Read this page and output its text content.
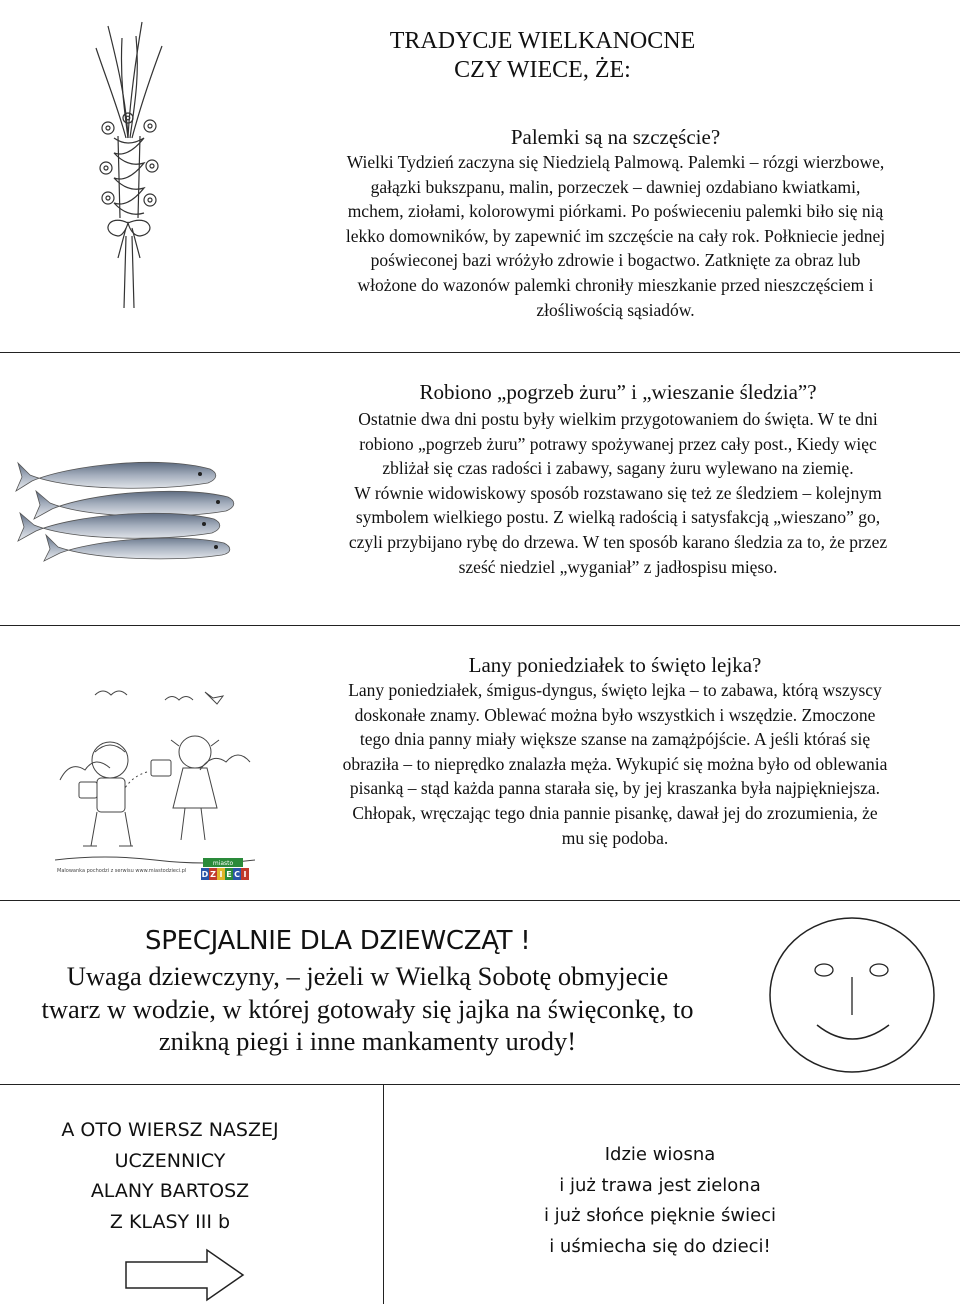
TRADYCJE WIELKANOCNE
CZY WIECE, ŻE:
Palemki są na szczęście?

Wielki Tydzień zaczyna się Niedzielą Palmową. Palemki – rózgi wierzbowe,

gałązki bukszpanu, malin, porzeczek – dawniej ozdabiano kwiatkami,

mchem, ziołami, kolorowymi piórkami. Po poświeceniu palemki biło się nią

lekko domowników, by zapewnić im szczęście na cały rok. Połkniecie jednej

poświeconej bazi wróżyło zdrowie i bogactwo. Zatknięte za obraz lub

włożone do wazonów palemki chroniły mieszkanie przed nieszczęściem i

złośliwością sąsiadów.

Robiono „pogrzeb żuru” i „wieszanie śledzia”?

Ostatnie dwa dni postu były wielkim przygotowaniem do święta. W te dni

robiono „pogrzeb żuru” potrawy spożywanej przez cały post., Kiedy więc

zbliżał się czas radości i zabawy, sagany żuru wylewano na ziemię.

W równie widowiskowy sposób rozstawano się też ze śledziem – kolejnym

symbolem wielkiego postu. Z wielką radością i satysfakcją „wieszano” go,

czyli przybijano rybę do drzewa. W ten sposób karano śledzia za to, że przez

sześć niedziel „wyganiał” z jadłospisu mięso.

Malowanka pochodzi z serwisu www.miastodzieci.pl
miasto
D Z I E C I
Lany poniedziałek to święto lejka?

Lany poniedziałek, śmigus-dyngus, święto lejka – to zabawa, którą wszyscy

doskonałe znamy. Oblewać można było wszystkich i wszędzie. Zmoczone

tego dnia panny miały większe szanse na zamążpójście. A jeśli któraś się

obraziła – to nieprędko znalazła męża. Wykupić się można było od oblewania

pisanką – stąd każda panna starała się, by jej kraszanka była najpiękniejsza.

Chłopak, wręczając tego dnia pannie pisankę, dawał jej do zrozumienia, że

mu się podoba.

SPECJALNIE DLA DZIEWCZĄT !
Uwaga dziewczyny, – jeżeli w Wielką Sobotę obmyjecie
twarz w wodzie, w której gotowały się jajka na święconkę, to
znikną piegi i inne mankamenty urody!
A OTO WIERSZ NASZEJ
UCZENNICY
ALANY BARTOSZ
Z KLASY III b
Idzie wiosna
i już trawa jest zielona
i już słońce pięknie świeci
i uśmiecha się do dzieci!
